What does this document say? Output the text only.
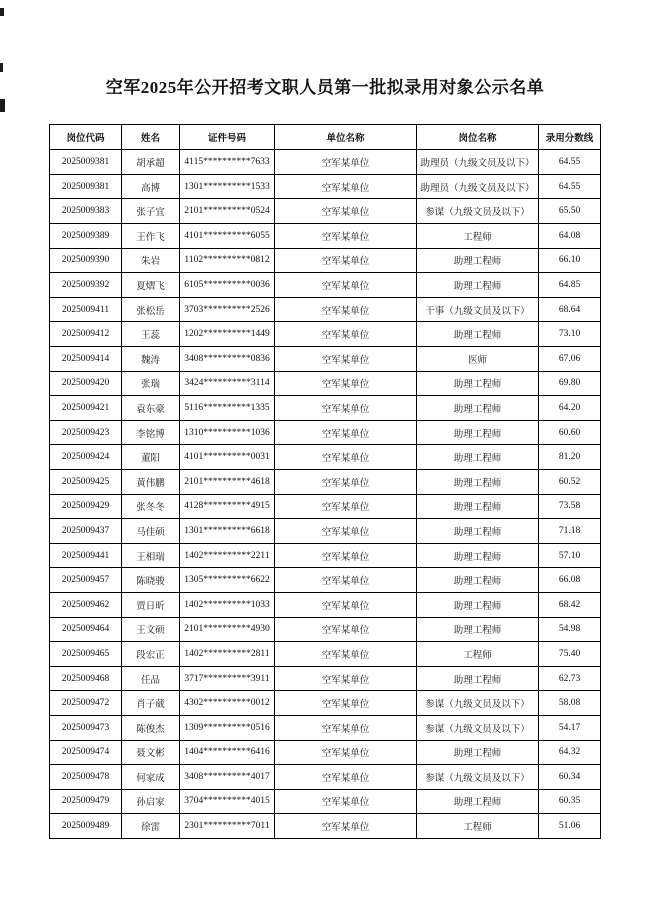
空军2025年公开招考文职人员第一批拟录用对象公示名单
岗位代码	姓名	证件号码	单位名称	岗位名称	录用分数线
2025009381	胡承超	4115**********7633	空军某单位	助理员（九级文员及以下）	64.55
2025009381	高博	1301**********1533	空军某单位	助理员（九级文员及以下）	64.55
2025009383	张子宜	2101**********0524	空军某单位	参谋（九级文员及以下）	65.50
2025009389	王作飞	4101**********6055	空军某单位	工程师	64.08
2025009390	朱岩	1102**********0812	空军某单位	助理工程师	66.10
2025009392	夏熠飞	6105**********0036	空军某单位	助理工程师	64.85
2025009411	张松岳	3703**********2526	空军某单位	干事（九级文员及以下）	68.64
2025009412	王蕊	1202**********1449	空军某单位	助理工程师	73.10
2025009414	魏涛	3408**********0836	空军某单位	医师	67.06
2025009420	张瑞	3424**********3114	空军某单位	助理工程师	69.80
2025009421	袁东豪	5116**********1335	空军某单位	助理工程师	64.20
2025009423	李铭博	1310**********1036	空军某单位	助理工程师	60.60
2025009424	董阳	4101**********0031	空军某单位	助理工程师	81.20
2025009425	黄伟鹏	2101**********4618	空军某单位	助理工程师	60.52
2025009429	张冬冬	4128**********4915	空军某单位	助理工程师	73.58
2025009437	马佳硕	1301**********6618	空军某单位	助理工程师	71.18
2025009441	王相瑞	1402**********2211	空军某单位	助理工程师	57.10
2025009457	陈晓骏	1305**********6622	空军某单位	助理工程师	66.08
2025009462	贾日昕	1402**********1033	空军某单位	助理工程师	68.42
2025009464	王文硕	2101**********4930	空军某单位	助理工程师	54.98
2025009465	段宏正	1402**********2811	空军某单位	工程师	75.40
2025009468	任品	3717**********3911	空军某单位	助理工程师	62.73
2025009472	肖子葳	4302**********0012	空军某单位	参谋（九级文员及以下）	58.08
2025009473	陈俊杰	1309**********0516	空军某单位	参谋（九级文员及以下）	54.17
2025009474	聂文彬	1404**********6416	空军某单位	助理工程师	64.32
2025009478	何家成	3408**********4017	空军某单位	参谋（九级文员及以下）	60.34
2025009479	孙启家	3704**********4015	空军某单位	助理工程师	60.35
2025009489	徐雷	2301**********7011	空军某单位	工程师	51.06
